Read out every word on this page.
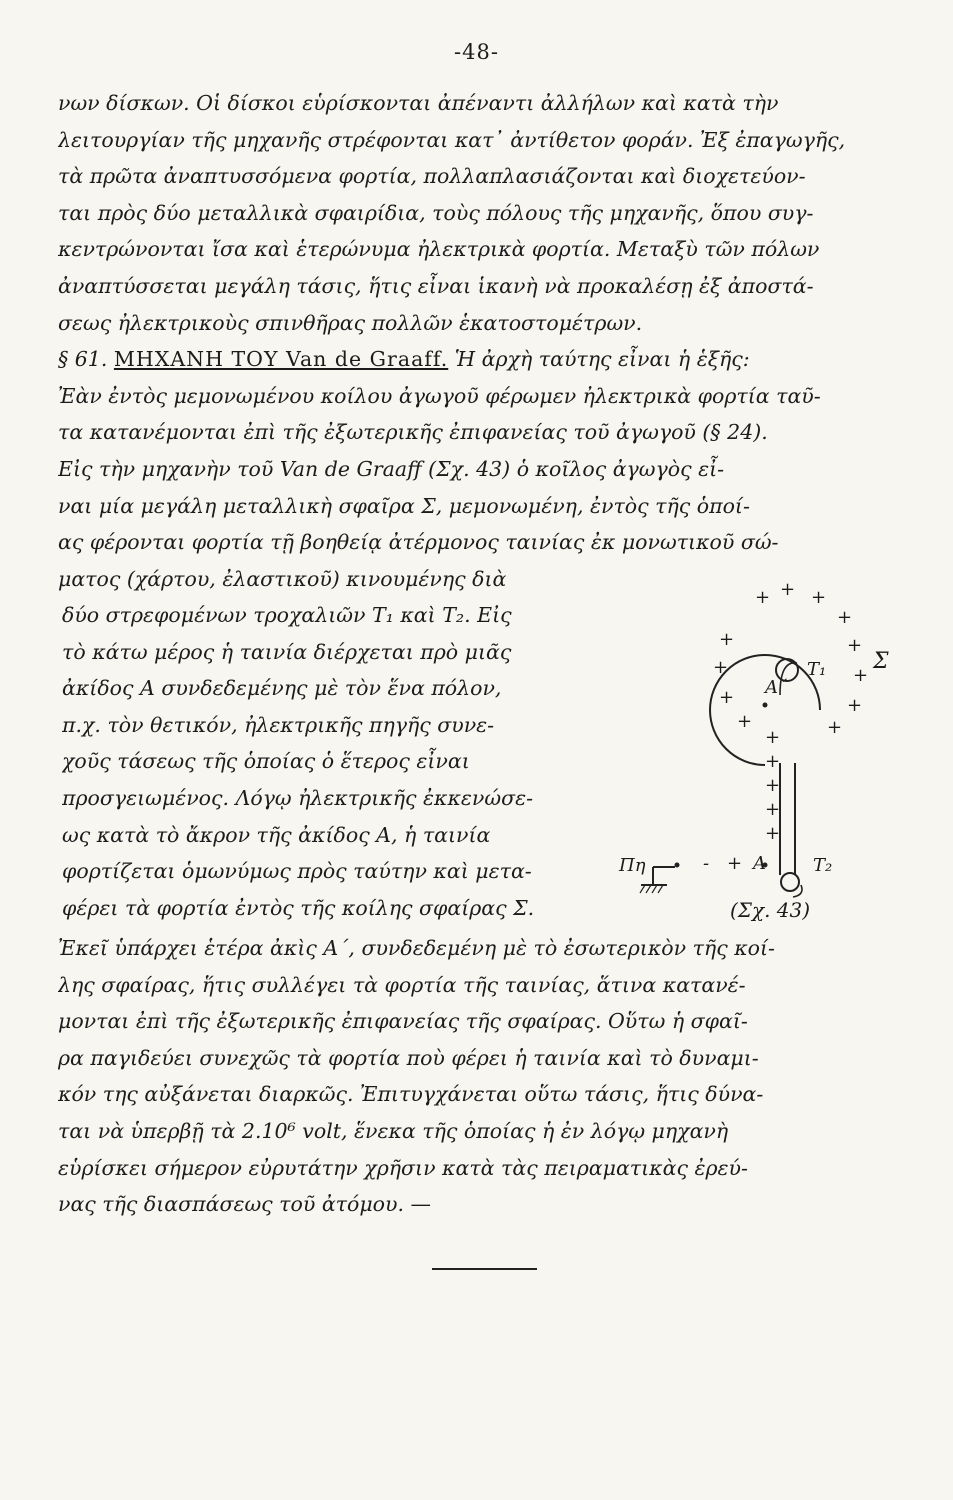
-48-
νων δίσκων. Οἱ δίσκοι εὑρίσκονται ἀπέναντι ἀλλήλων καὶ κατὰ τὴν
λειτουργίαν τῆς μηχανῆς στρέφονται κατ᾽ ἀντίθετον φοράν. Ἐξ ἐπαγωγῆς,
τὰ πρῶτα ἀναπτυσσόμενα φορτία, πολλαπλασιάζονται καὶ διοχετεύον-
ται πρὸς δύο μεταλλικὰ σφαιρίδια, τοὺς πόλους τῆς μηχανῆς, ὅπου συγ-
κεντρώνονται ἴσα καὶ ἑτερώνυμα ἠλεκτρικὰ φορτία. Μεταξὺ τῶν πόλων
ἀναπτύσσεται μεγάλη τάσις, ἥτις εἶναι ἱκανὴ νὰ προκαλέσῃ ἐξ ἀποστά-
σεως ἠλεκτρικοὺς σπινθῆρας πολλῶν ἑκατοστομέτρων.
§ 61. ΜΗΧΑΝΗ ΤΟΥ Van de Graaff. Ἡ ἀρχὴ ταύτης εἶναι ἡ ἑξῆς:
Ἐὰν ἐντὸς μεμονωμένου κοίλου ἀγωγοῦ φέρωμεν ἠλεκτρικὰ φορτία ταῦ-
τα κατανέμονται ἐπὶ τῆς ἐξωτερικῆς ἐπιφανείας τοῦ ἀγωγοῦ (§ 24).
Εἰς τὴν μηχανὴν τοῦ Van de Graaff (Σχ. 43) ὁ κοῖλος ἀγωγὸς εἶ-
ναι μία μεγάλη μεταλλικὴ σφαῖρα Σ, μεμονωμένη, ἐντὸς τῆς ὁποί-
ας φέρονται φορτία τῇ βοηθείᾳ ἀτέρμονος ταινίας ἐκ μονωτικοῦ σώ-
ματος (χάρτου, ἐλαστικοῦ) κινουμένης διὰ
δύο στρεφομένων τροχαλιῶν Τ₁ καὶ Τ₂. Εἰς
τὸ κάτω μέρος ἡ ταινία διέρχεται πρὸ μιᾶς
ἀκίδος Α συνδεδεμένης μὲ τὸν ἕνα πόλον,
π.χ. τὸν θετικόν, ἠλεκτρικῆς πηγῆς συνε-
χοῦς τάσεως τῆς ὁποίας ὁ ἕτερος εἶναι
προσγειωμένος. Λόγῳ ἠλεκτρικῆς ἐκκενώσε-
ως κατὰ τὸ ἄκρον τῆς ἀκίδος Α, ἡ ταινία
φορτίζεται ὁμωνύμως πρὸς ταύτην καὶ μετα-
φέρει τὰ φορτία ἐντὸς τῆς κοίλης σφαίρας Σ.
Σ
Τ₁
Τ₂
Α΄
Α
Πη	- +
+ + +
+
+
+
+
+
+
+
+
+
+
+
+
+
+
(Σχ. 43)
Ἐκεῖ ὑπάρχει ἑτέρα ἀκὶς Α΄, συνδεδεμένη μὲ τὸ ἐσωτερικὸν τῆς κοί-
λης σφαίρας, ἥτις συλλέγει τὰ φορτία τῆς ταινίας, ἅτινα κατανέ-
μονται ἐπὶ τῆς ἐξωτερικῆς ἐπιφανείας τῆς σφαίρας. Οὕτω ἡ σφαῖ-
ρα παγιδεύει συνεχῶς τὰ φορτία ποὺ φέρει ἡ ταινία καὶ τὸ δυναμι-
κόν της αὐξάνεται διαρκῶς. Ἐπιτυγχάνεται οὕτω τάσις, ἥτις δύνα-
ται νὰ ὑπερβῇ τὰ 2.10⁶ volt, ἕνεκα τῆς ὁποίας ἡ ἐν λόγῳ μηχανὴ
εὑρίσκει σήμερον εὐρυτάτην χρῆσιν κατὰ τὰς πειραματικὰς ἐρεύ-
νας τῆς διασπάσεως τοῦ ἀτόμου. —
